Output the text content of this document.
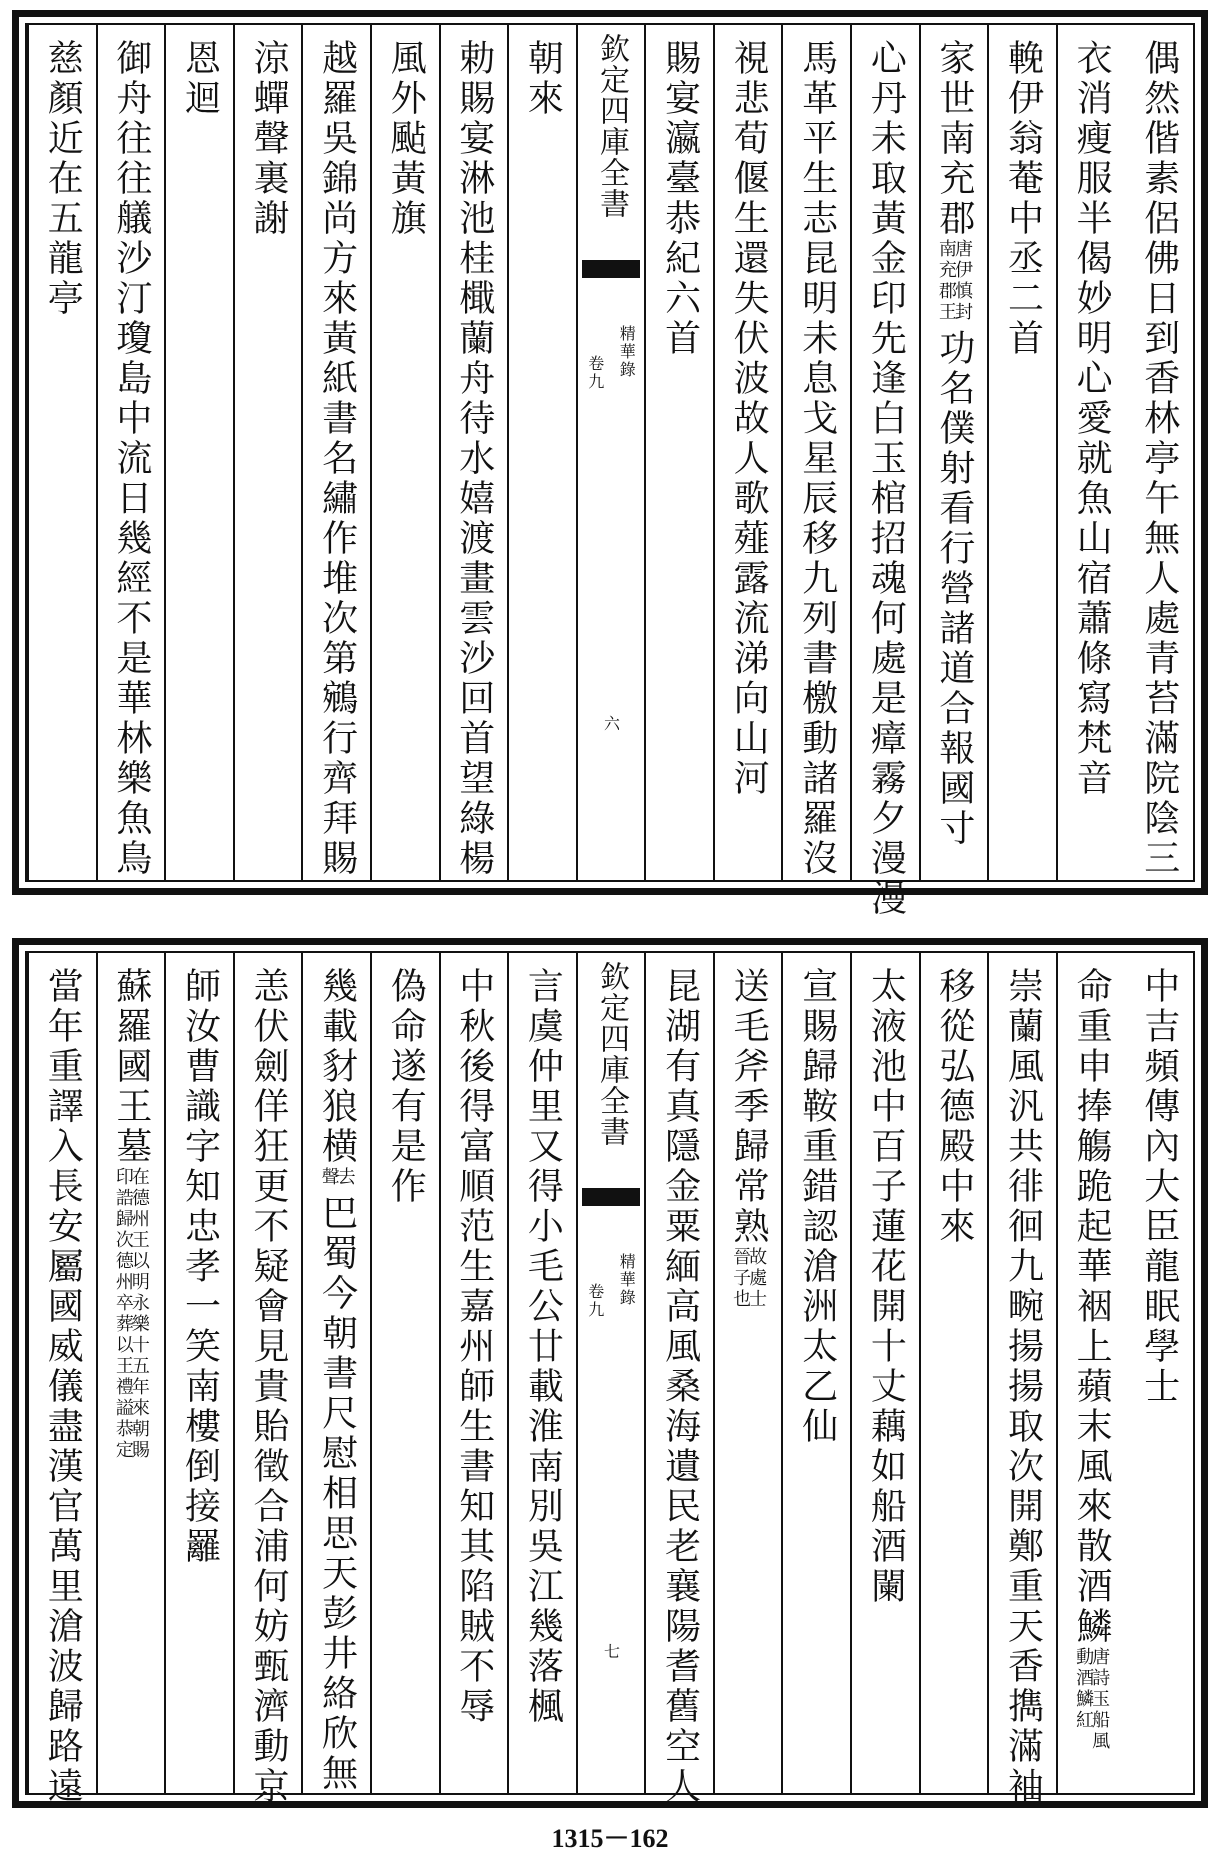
偶然偕素侶佛日到香林亭午無人處青苔滿院陰三
衣消瘦服半偈妙明心愛就魚山宿蕭條寫梵音
輓伊翁菴中丞二首
家世南充郡
唐伊慎封
南充郡王
功名僕射看行營諸道合報國寸
心丹未取黃金印先逢白玉棺招魂何處是瘴霧夕漫漫
馬革平生志昆明未息戈星辰移九列書檄動諸羅沒
視悲荀偃生還失伏波故人歌薤露流涕向山河
賜宴瀛臺恭紀六首
欽定四庫全書
精華錄
卷九
六
朝來
勅賜宴淋池桂檝蘭舟待水嬉渡畫雲沙回首望綠楊
風外颭黃旗
越羅吳錦尚方來黃紙書名繡作堆次第鵷行齊拜賜
涼蟬聲裏謝
恩迴
御舟往往艤沙汀瓊島中流日幾經不是華林樂魚鳥
慈顏近在五龍亭
中吉頻傳內大臣龍眠學士
命重申捧觴跪起華裀上蘋末風來散酒鱗
唐詩玉船風
動酒鱗紅
崇蘭風汎共徘徊九畹揚揚取次開鄭重天香擕滿袖
移從弘德殿中來
太液池中百子蓮花開十丈藕如船酒闌
宣賜歸鞍重錯認滄洲太乙仙
送毛斧季歸常熟
故處士
晉子也
昆湖有真隱金粟緬高風桑海遺民老襄陽耆舊空人
欽定四庫全書
精華錄
卷九
七
言虞仲里又得小毛公廿載淮南別吳江幾落楓
中秋後得富順范生嘉州師生書知其陷賊不辱
偽命遂有是作
幾載豺狼横
去
聲
巴蜀今朝書尺慰相思天彭井絡欣無
恙伏劍佯狂更不疑會見貴貽徵合浦何妨甄濟動京
師汝曹識字知忠孝一笑南樓倒接䍦
蘇羅國王墓
在德州王以明永樂十五年來朝賜
印誥歸次德州卒葬以王禮謚恭定
當年重譯入長安屬國威儀盡漢官萬里滄波歸路遠
1315－162
